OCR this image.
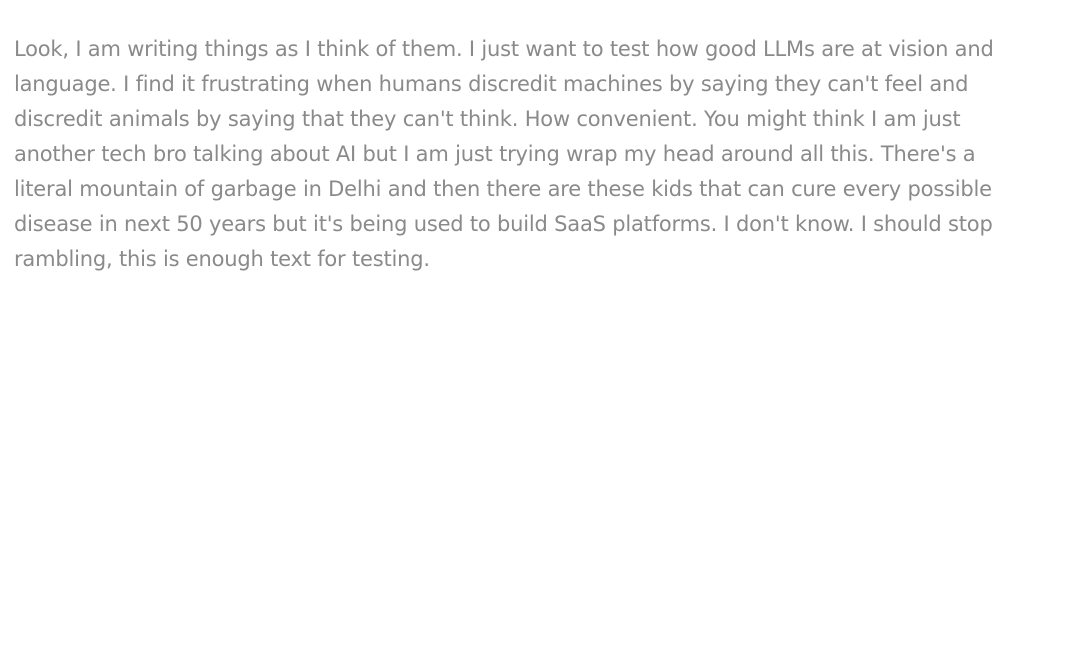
Look, I am writing things as I think of them. I just want to test how good LLMs are at vision and language. I find it frustrating when humans discredit machines by saying they can't feel and discredit animals by saying that they can't think. How convenient. You might think I am just another tech bro talking about AI but I am just trying wrap my head around all this. There's a literal mountain of garbage in Delhi and then there are these kids that can cure every possible disease in next 50 years but it's being used to build SaaS platforms. I don't know. I should stop rambling, this is enough text for testing.
